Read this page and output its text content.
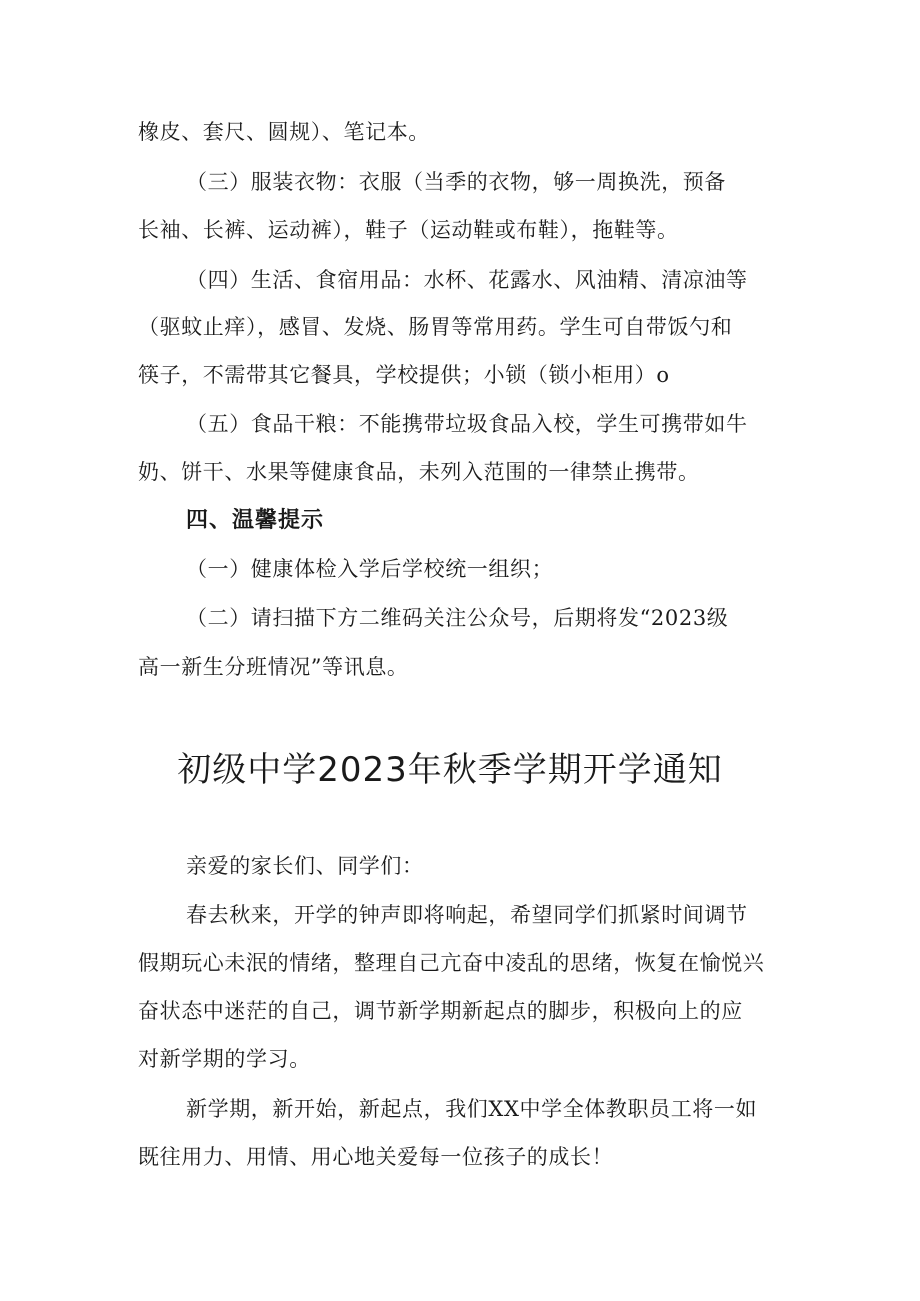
橡皮、套尺、圆规）、笔记本。
（三）服装衣物：衣服（当季的衣物，够一周换洗，预备
长袖、长裤、运动裤），鞋子（运动鞋或布鞋），拖鞋等。
（四）生活、食宿用品：水杯、花露水、风油精、清凉油等
（驱蚊止痒），感冒、发烧、肠胃等常用药。学生可自带饭勺和
筷子，不需带其它餐具，学校提供；小锁（锁小柜用）o
（五）食品干粮：不能携带垃圾食品入校，学生可携带如牛
奶、饼干、水果等健康食品，未列入范围的一律禁止携带。
四、温馨提示
（一）健康体检入学后学校统一组织；
（二）请扫描下方二维码关注公众号，后期将发“2023级
高一新生分班情况”等讯息。
初级中学2023年秋季学期开学通知
亲爱的家长们、同学们：
春去秋来，开学的钟声即将响起，希望同学们抓紧时间调节
假期玩心未泯的情绪，整理自己亢奋中凌乱的思绪，恢复在愉悦兴
奋状态中迷茫的自己，调节新学期新起点的脚步，积极向上的应
对新学期的学习。
新学期，新开始，新起点，我们XX中学全体教职员工将一如
既往用力、用情、用心地关爱每一位孩子的成长！
